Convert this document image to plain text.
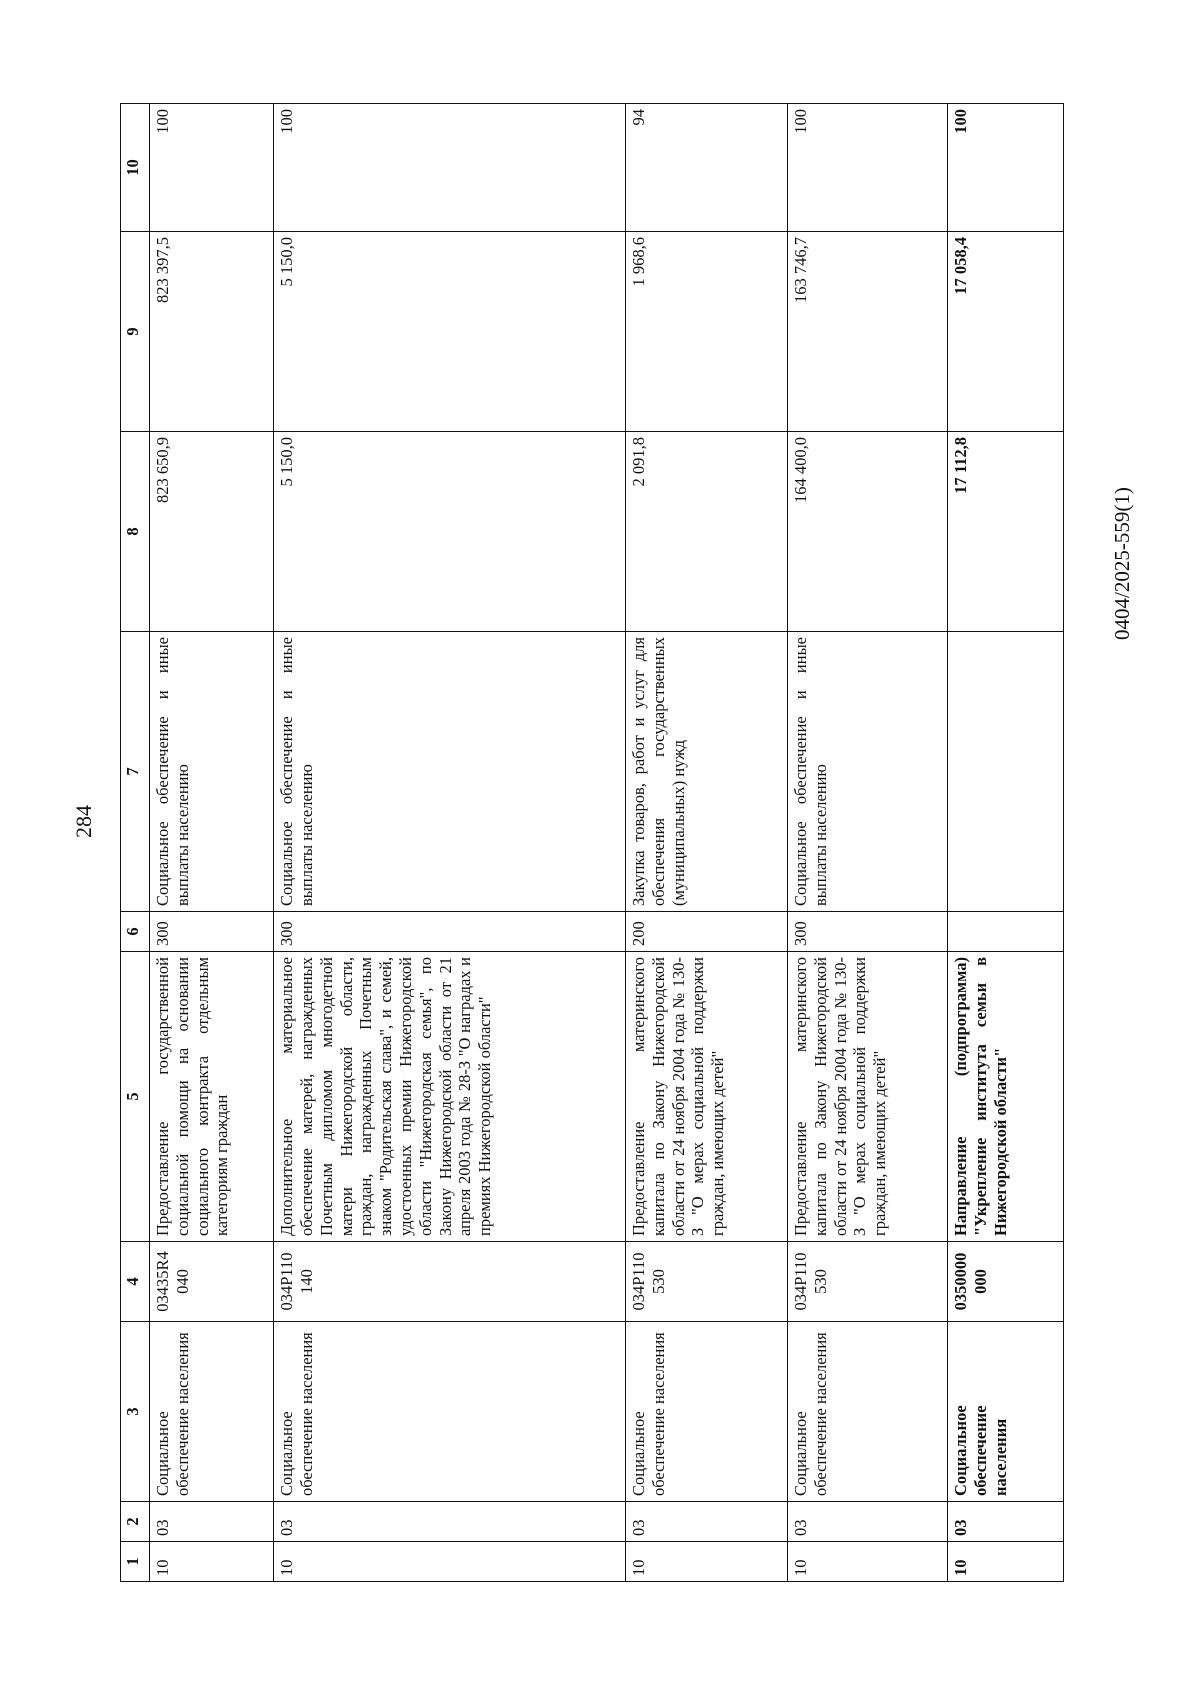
284
0404/2025-559(1)
1	2	3	4	5	6	7	8	9	10
10	03	Социальное обеспечение населения	03435R4 040	Предоставление государственной социальной помощи на основании социального контракта отдельным категориям граждан	300	Социальное обеспечение и иные выплаты населению	823 650,9	823 397,5	100
10	03	Социальное обеспечение населения	034Р110 140	Дополнительное материальное обеспечение матерей, награжденных Почетным дипломом многодетной матери Нижегородской области, граждан, награжденных Почетным знаком "Родительская слава", и семей, удостоенных премии Нижегородской области "Нижегородская семья", по Закону Нижегородской области от 21 апреля 2003 года № 28-З "О наградах и премиях Нижегородской области"	300	Социальное обеспечение и иные выплаты населению	5 150,0	5 150,0	100
10	03	Социальное обеспечение населения	034Р110 530	Предоставление материнского капитала по Закону Нижегородской области от 24 ноября 2004 года № 130-З "О мерах социальной поддержки граждан, имеющих детей"	200	Закупка товаров, работ и услуг для обеспечения государственных (муниципальных) нужд	2 091,8	1 968,6	94
10	03	Социальное обеспечение населения	034Р110 530	Предоставление материнского капитала по Закону Нижегородской области от 24 ноября 2004 года № 130-З "О мерах социальной поддержки граждан, имеющих детей"	300	Социальное обеспечение и иные выплаты населению	164 400,0	163 746,7	100
10	03	Социальное обеспечение населения	0350000 000	Направление (подпрограмма) "Укрепление института семьи в Нижегородской области"			17 112,8	17 058,4	100
